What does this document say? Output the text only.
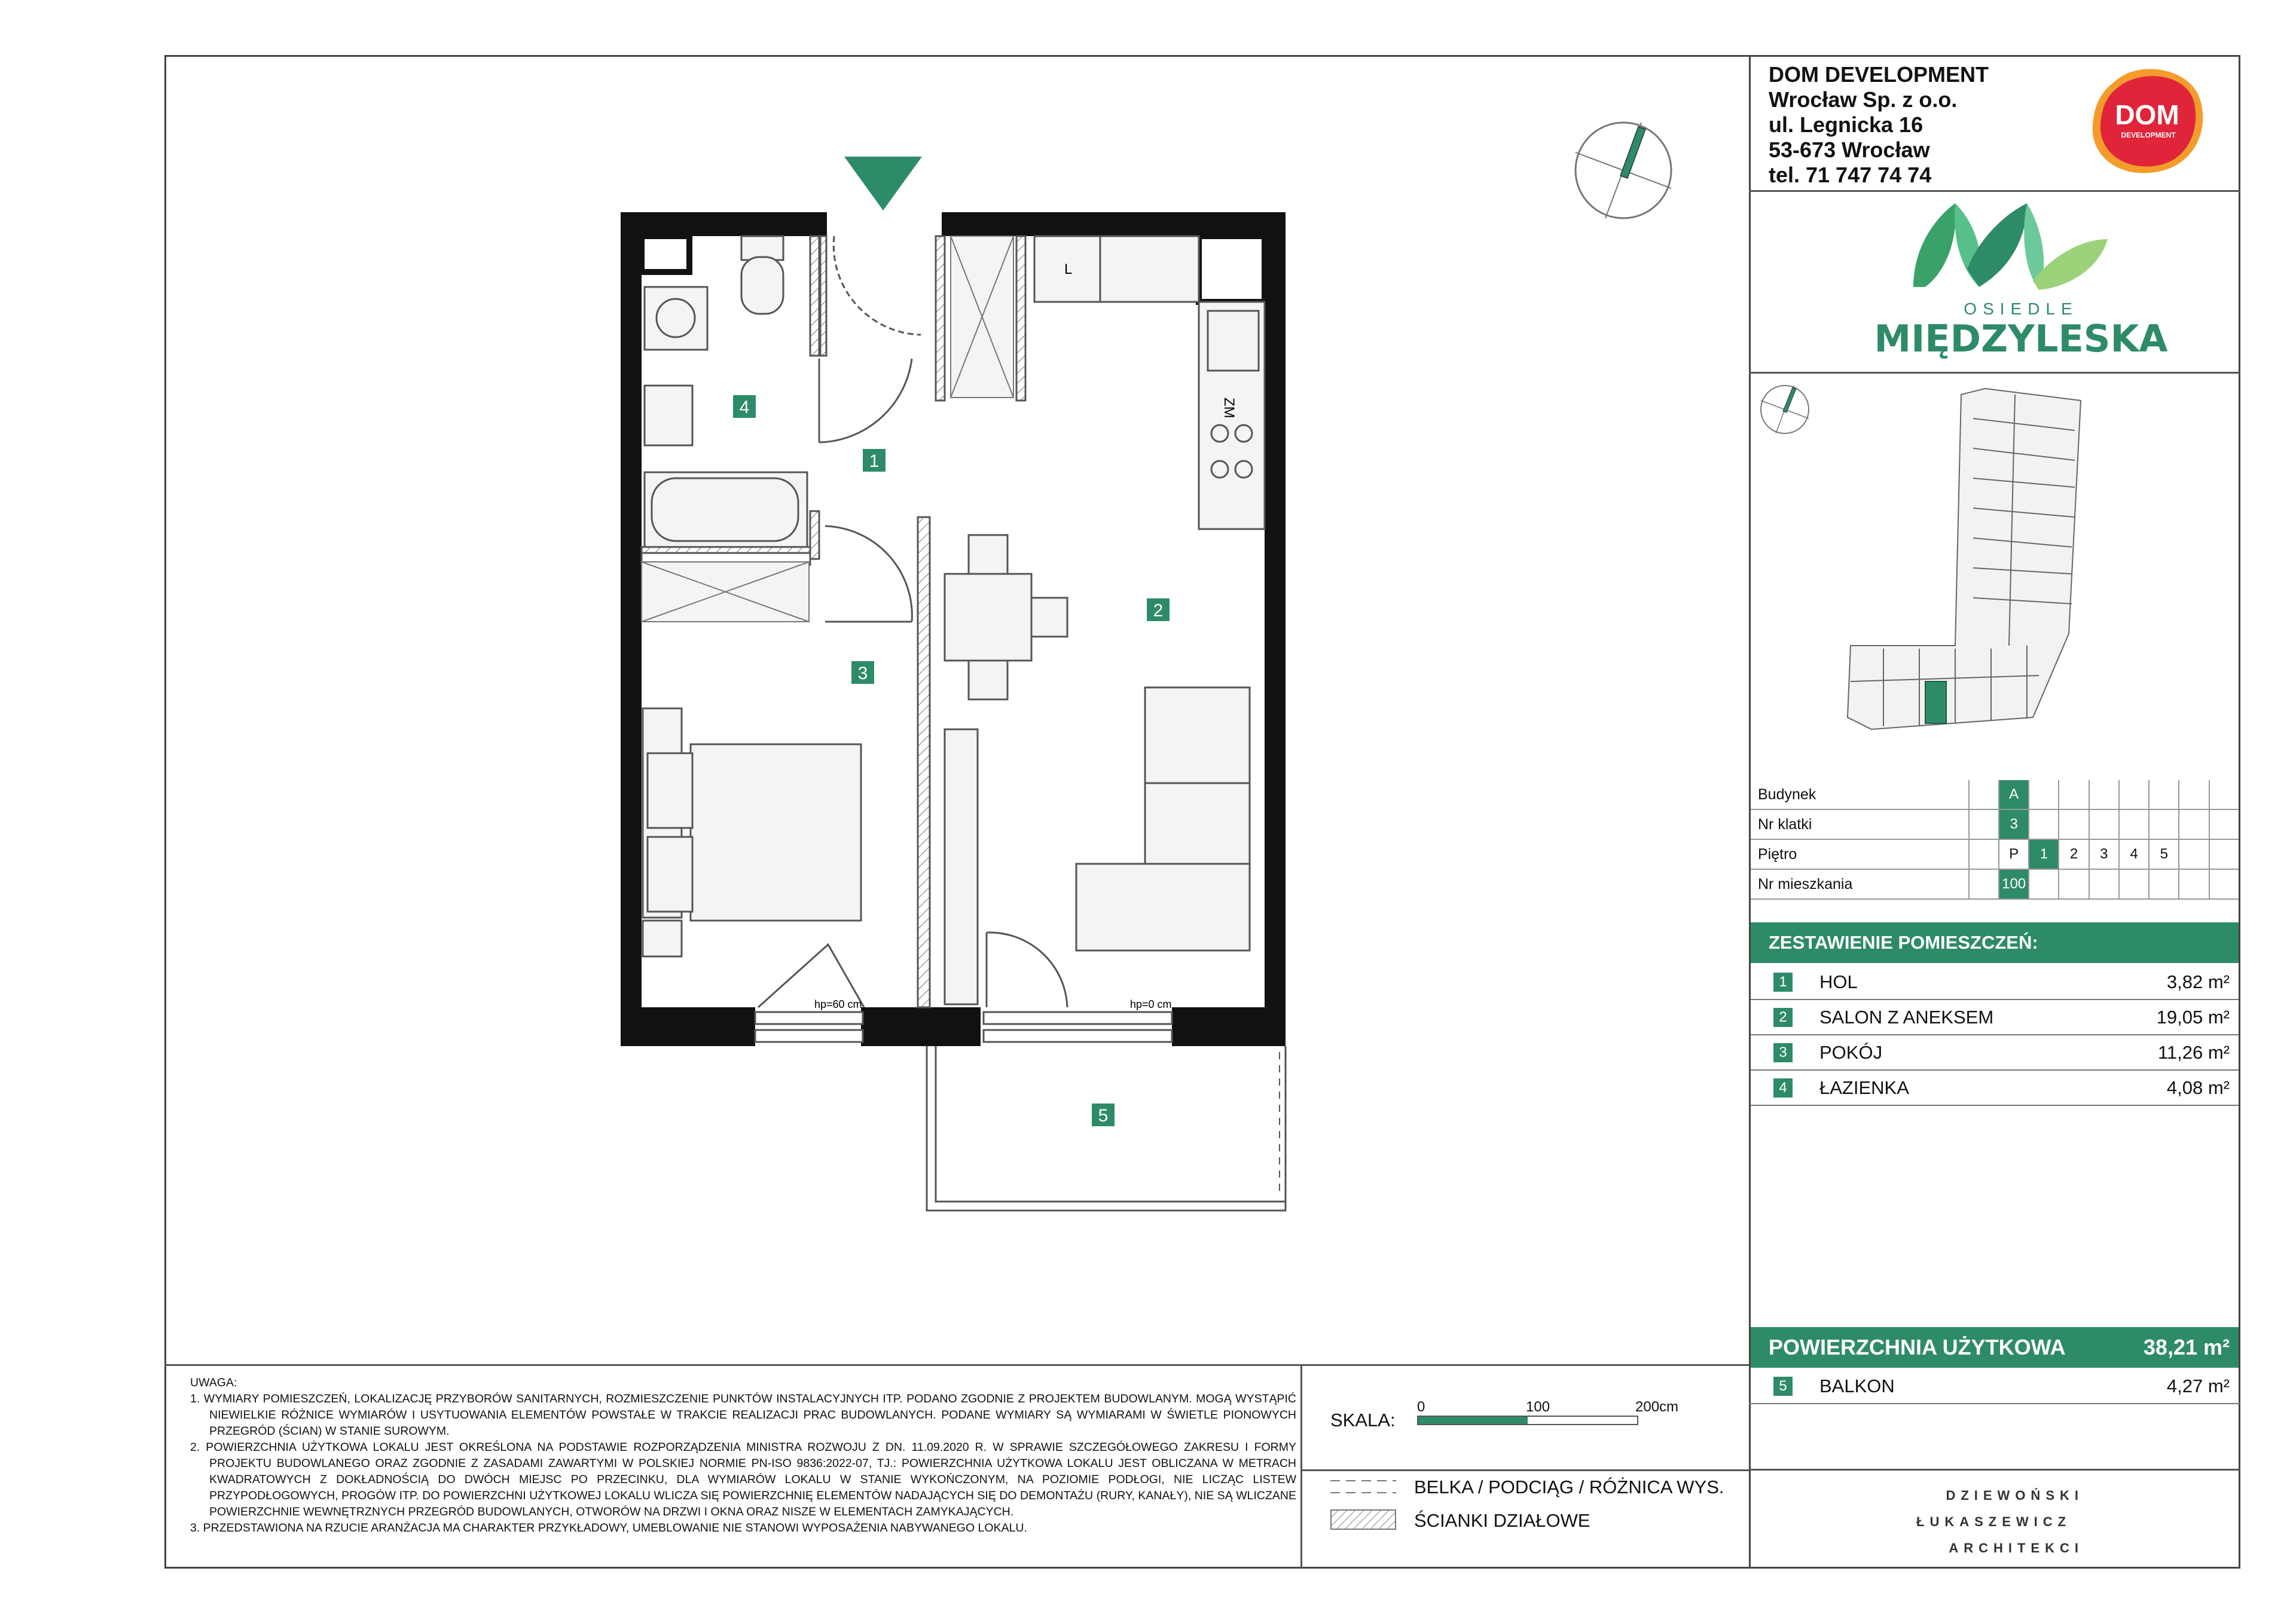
DOM DEVELOPMENT
Wrocław Sp. z o.o.
ul. Legnicka 16
53-673 Wrocław
tel. 71 747 74 74
DOM
DEVELOPMENT
OSIEDLE
MIĘDZYLESKA
Budynek		A							
Nr klatki		3							
Piętro		P	1	2	3	4	5		
Nr mieszkania		100							
ZESTAWIENIE POMIESZCZEŃ:
1	HOL	3,82 m²
2	SALON Z ANEKSEM	19,05 m²
3	POKÓJ	11,26 m²
4	ŁAZIENKA	4,08 m²
POWIERZCHNIA UŻYTKOWA	38,21 m²
5	BALKON	4,27 m²

UWAGA:

1. WYMIARY POMIESZCZEŃ, LOKALIZACJĘ PRZYBORÓW SANITARNYCH, ROZMIESZCZENIE PUNKTÓW INSTALACYJNYCH ITP. PODANO ZGODNIE Z PROJEKTEM BUDOWLANYM. MOGĄ WYSTĄPIĆ NIEWIELKIE RÓŻNICE WYMIARÓW I USYTUOWANIA ELEMENTÓW POWSTAŁE W TRAKCIE REALIZACJI PRAC BUDOWLANYCH. PODANE WYMIARY SĄ WYMIARAMI W ŚWIETLE PIONOWYCH PRZEGRÓD (ŚCIAN) W STANIE SUROWYM.

2. POWIERZCHNIA UŻYTKOWA LOKALU JEST OKREŚLONA NA PODSTAWIE ROZPORZĄDZENIA MINISTRA ROZWOJU Z DN. 11.09.2020 R. W SPRAWIE SZCZEGÓŁOWEGO ZAKRESU I FORMY PROJEKTU BUDOWLANEGO ORAZ ZGODNIE Z ZASADAMI ZAWARTYMI W POLSKIEJ NORMIE PN-ISO 9836:2022-07, TJ.: POWIERZCHNIA UŻYTKOWA LOKALU JEST OBLICZANA W METRACH KWADRATOWYCH Z DOKŁADNOŚCIĄ DO DWÓCH MIEJSC PO PRZECINKU, DLA WYMIARÓW LOKALU W STANIE WYKOŃCZONYM, NA POZIOMIE PODŁOGI, NIE LICZĄC LISTEW PRZYPODŁOGOWYCH, PROGÓW ITP. DO POWIERZCHNI UŻYTKOWEJ LOKALU WLICZA SIĘ POWIERZCHNIĘ ELEMENTÓW NADAJĄCYCH SIĘ DO DEMONTAŻU (RURY, KANAŁY), NIE SĄ WLICZANE POWIERZCHNIE WEWNĘTRZNYCH PRZEGRÓD BUDOWLANYCH, OTWORÓW NA DRZWI I OKNA ORAZ NISZE W ELEMENTACH ZAMYKAJĄCYCH.

3. PRZEDSTAWIONA NA RZUCIE ARANŻACJA MA CHARAKTER PRZYKŁADOWY, UMEBLOWANIE NIE STANOWI WYPOSAŻENIA NABYWANEGO LOKALU.

SKALA:
0	100	200cm
BELKA / PODCIĄG / RÓŻNICA WYS.
ŚCIANKI DZIAŁOWE
DZIEWOŃSKI
ŁUKASZEWICZ
ARCHITEKCI
L
ZM
hp=60 cm	hp=0 cm
1
2
3
4
5
